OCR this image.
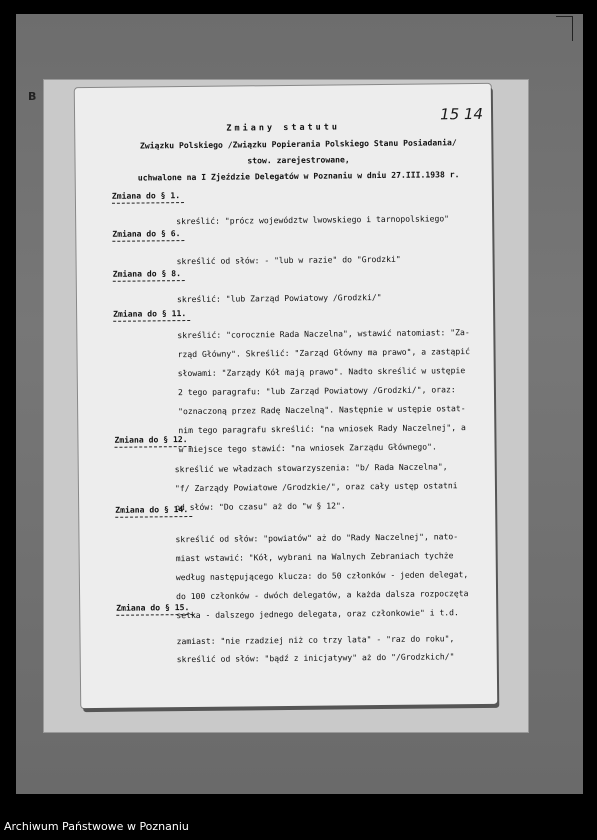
B
15 14
Zmiany statutu
Związku Polskiego /Związku Popierania Polskiego Stanu Posiadania/
stow. zarejestrowane,
uchwalone na I Zjeździe Delegatów w Poznaniu w dniu 27.III.1938 r.
Zmiana do § 1.
skreślić: "prócz województw lwowskiego i tarnopolskiego"
Zmiana do § 6.
skreślić od słów: - "lub w razie" do "Grodzki"
Zmiana do § 8.
skreślić: "lub Zarząd Powiatowy /Grodzki/"
Zmiana do § 11.
skreślić: "corocznie Rada Naczelna", wstawić natomiast: "Za-
rząd Główny". Skreślić: "Zarząd Główny ma prawo", a zastąpić
słowami: "Zarządy Kół mają prawo". Nadto skreślić w ustępie
2 tego paragrafu: "lub Zarząd Powiatowy /Grodzki/", oraz:
"oznaczoną przez Radę Naczelną". Następnie w ustępie ostat-
nim tego paragrafu skreślić: "na wniosek Rady Naczelnej", a
w miejsce tego stawić: "na wniosek Zarządu Głównego".
Zmiana do § 12.
skreślić we władzach stowarzyszenia: "b/ Rada Naczelna",
"f/ Zarządy Powiatowe /Grodzkie/", oraz cały ustęp ostatni
od słów: "Do czasu" aż do "w § 12".
Zmiana do § 14.
skreślić od słów: "powiatów" aż do "Rady Naczelnej", nato-
miast wstawić: "Kół, wybrani na Walnych Zebraniach tychże
według następującego klucza: do 50 członków - jeden delegat,
do 100 członków - dwóch delegatów, a każda dalsza rozpoczęta
setka - dalszego jednego delegata, oraz członkowie" i t.d.
Zmiana do § 15.
zamiast: "nie rzadziej niż co trzy lata" - "raz do roku",
skreślić od słów: "bądź z inicjatywy" aż do "/Grodzkich/"
Archiwum Państwowe w Poznaniu
